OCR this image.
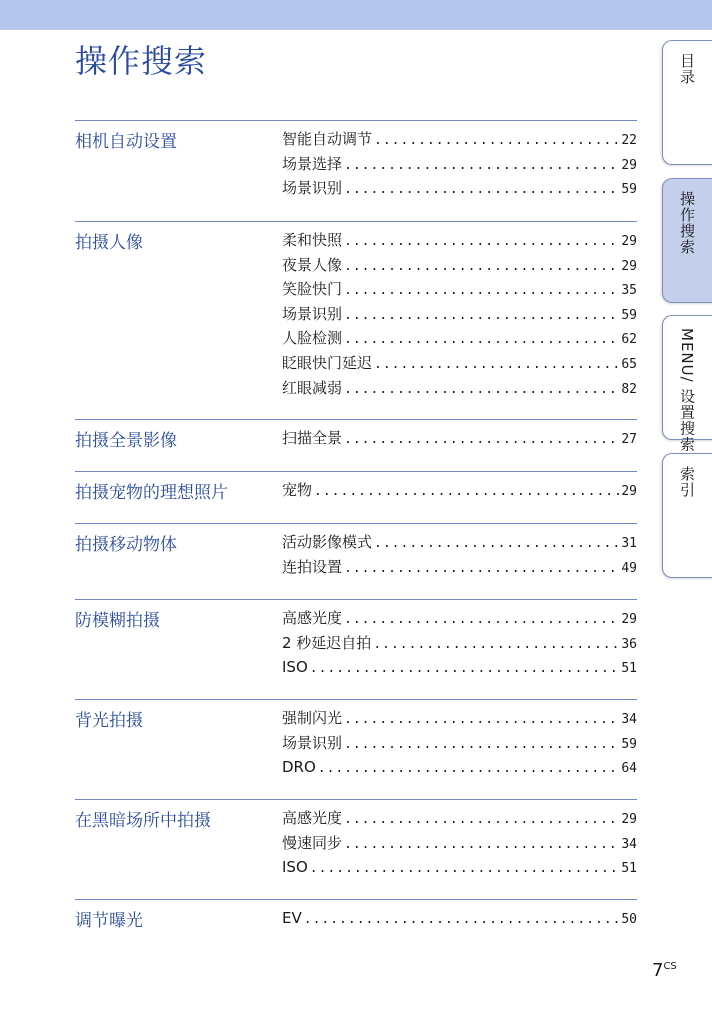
操作搜索
相机自动设置	智能自动调节 .....	22
场景选择 .....	29
场景识别 .....	59
拍摄人像	柔和快照 .....	29
夜景人像 .....	29
笑脸快门 .....	35
场景识别 .....	59
人脸检测 .....	62
眨眼快门延迟 .....	65
红眼减弱 .....	82
拍摄全景影像	扫描全景 .....	27
拍摄宠物的理想照片	宠物 .....	29
拍摄移动物体	活动影像模式 .....	31
连拍设置 .....	49
防模糊拍摄	高感光度 .....	29
2 秒延迟自拍 .....	36
ISO .....	51
背光拍摄	强制闪光 .....	34
场景识别 .....	59
DRO .....	64
在黑暗场所中拍摄	高感光度 .....	29
慢速同步 .....	34
ISO .....	51
调节曝光	EV .....	50
目录
操作搜索
MENU/ 设置搜索
索引
$7^{CS}$
